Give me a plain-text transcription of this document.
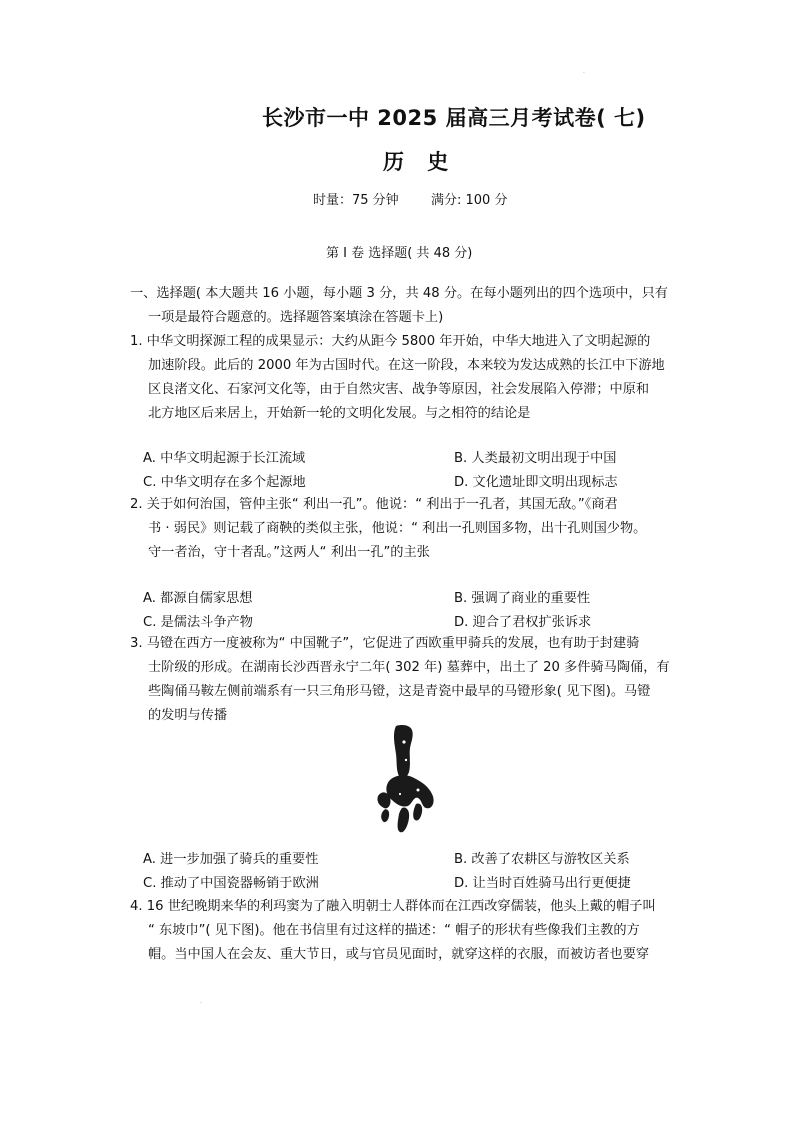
·
长沙市一中 2025 届高三月考试卷( 七)
历 史
时量：75 分钟 满分: 100 分
第 Ⅰ 卷 选择题( 共 48 分)
一、选择题( 本大题共 16 小题，每小题 3 分，共 48 分。在每小题列出的四个选项中，只有
一项是最符合题意的。选择题答案填涂在答题卡上)
1. 中华文明探源工程的成果显示：大约从距今 5800 年开始，中华大地进入了文明起源的
加速阶段。此后的 2000 年为古国时代。在这一阶段，本来较为发达成熟的长江中下游地
区良渚文化、石家河文化等，由于自然灾害、战争等原因，社会发展陷入停滞；中原和
北方地区后来居上，开始新一轮的文明化发展。与之相符的结论是
A. 中华文明起源于长江流域	B. 人类最初文明出现于中国
C. 中华文明存在多个起源地	D. 文化遗址即文明出现标志
2. 关于如何治国，管仲主张“ 利出一孔”。他说：“ 利出于一孔者，其国无敌。”《商君
书 · 弱民》则记载了商鞅的类似主张，他说：“ 利出一孔则国多物，出十孔则国少物。
守一者治，守十者乱。”这两人“ 利出一孔”的主张
A. 都源自儒家思想	B. 强调了商业的重要性
C. 是儒法斗争产物	D. 迎合了君权扩张诉求
3. 马镫在西方一度被称为“ 中国靴子”，它促进了西欧重甲骑兵的发展，也有助于封建骑
士阶级的形成。在湖南长沙西晋永宁二年( 302 年) 墓葬中，出土了 20 多件骑马陶俑，有
些陶俑马鞍左侧前端系有一只三角形马镫，这是青瓷中最早的马镫形象( 见下图)。马镫
的发明与传播
A. 进一步加强了骑兵的重要性	B. 改善了农耕区与游牧区关系
C. 推动了中国瓷器畅销于欧洲	D. 让当时百姓骑马出行更便捷
4. 16 世纪晚期来华的利玛窦为了融入明朝士人群体而在江西改穿儒装，他头上戴的帽子叫
“ 东坡巾”( 见下图)。他在书信里有过这样的描述：“ 帽子的形状有些像我们主教的方
帽。当中国人在会友、重大节日，或与官员见面时，就穿这样的衣服，而被访者也要穿
·
